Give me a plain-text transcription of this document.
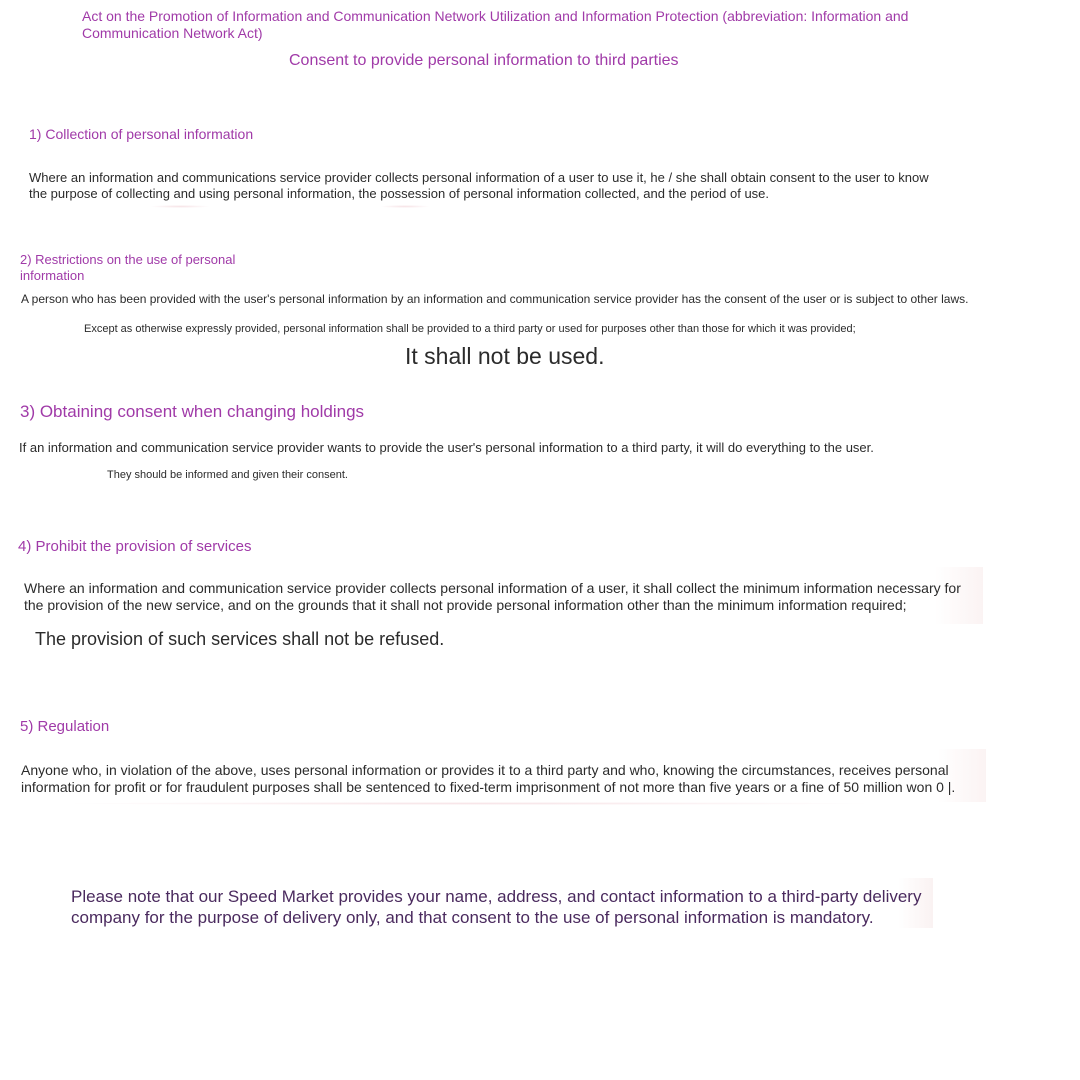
Act on the Promotion of Information and Communication Network Utilization and Information Protection (abbreviation: Information and Communication Network Act)

Consent to provide personal information to third parties

1) Collection of personal information

Where an information and communications service provider collects personal information of a user to use it, he / she shall obtain consent to the user to know the purpose of collecting and using personal information, the possession of personal information collected, and the period of use.

2) Restrictions on the use of personal information

A person who has been provided with the user's personal information by an information and communication service provider has the consent of the user or is subject to other laws.

Except as otherwise expressly provided, personal information shall be provided to a third party or used for purposes other than those for which it was provided;

It shall not be used.

3) Obtaining consent when changing holdings

If an information and communication service provider wants to provide the user's personal information to a third party, it will do everything to the user.

They should be informed and given their consent.

4) Prohibit the provision of services

Where an information and communication service provider collects personal information of a user, it shall collect the minimum information necessary for the provision of the new service, and on the grounds that it shall not provide personal information other than the minimum information required;

The provision of such services shall not be refused.

5) Regulation

Anyone who, in violation of the above, uses personal information or provides it to a third party and who, knowing the circumstances, receives personal information for profit or for fraudulent purposes shall be sentenced to fixed-term imprisonment of not more than five years or a fine of 50 million won 0 |.

Please note that our Speed Market provides your name, address, and contact information to a third-party delivery company for the purpose of delivery only, and that consent to the use of personal information is mandatory.
